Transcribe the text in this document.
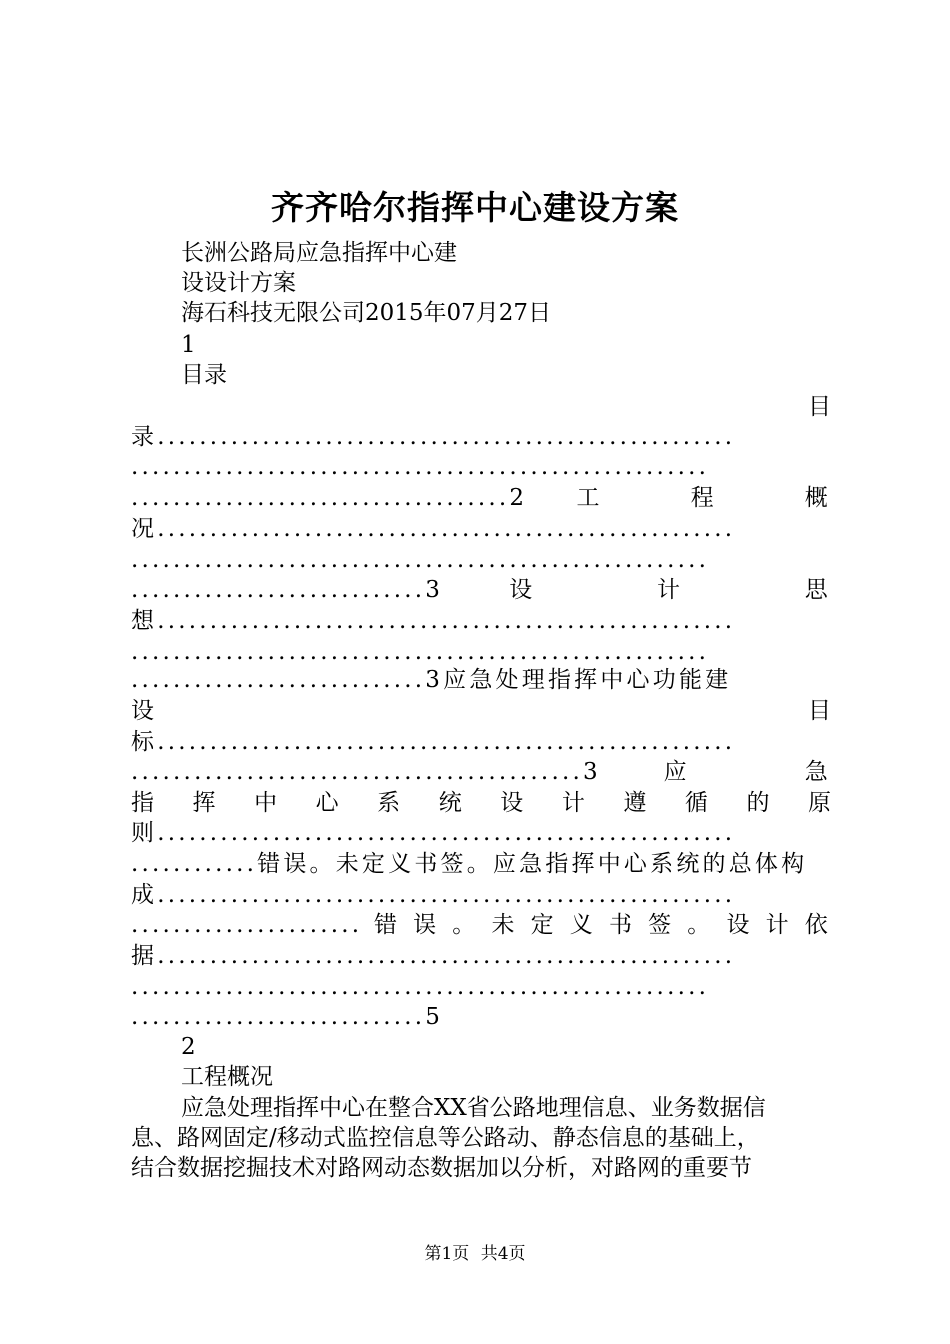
齐齐哈尔指挥中心建设方案
长洲公路局应急指挥中心建
设设计方案
海石科技无限公司2015年07月27日
1
目录
目
录.......................................................
.......................................................
....................................2 工 程 概
况.......................................................
.......................................................
............................3 设 计 思
想.......................................................
.......................................................
............................3应急处理指挥中心功能建
设 目
标.......................................................
...........................................3 应 急
指 挥 中 心 系 统 设 计 遵 循 的 原
则.......................................................
............错误。未定义书签。应急指挥中心系统的总体构
成.......................................................
...................... 错 误 。 未 定 义 书 签 。 设 计 依
据.......................................................
.......................................................
............................5
2
工程概况
应急处理指挥中心在整合XX省公路地理信息、业务数据信
息、路网固定/移动式监控信息等公路动、静态信息的基础上，
结合数据挖掘技术对路网动态数据加以分析，对路网的重要节
第1页 共4页
